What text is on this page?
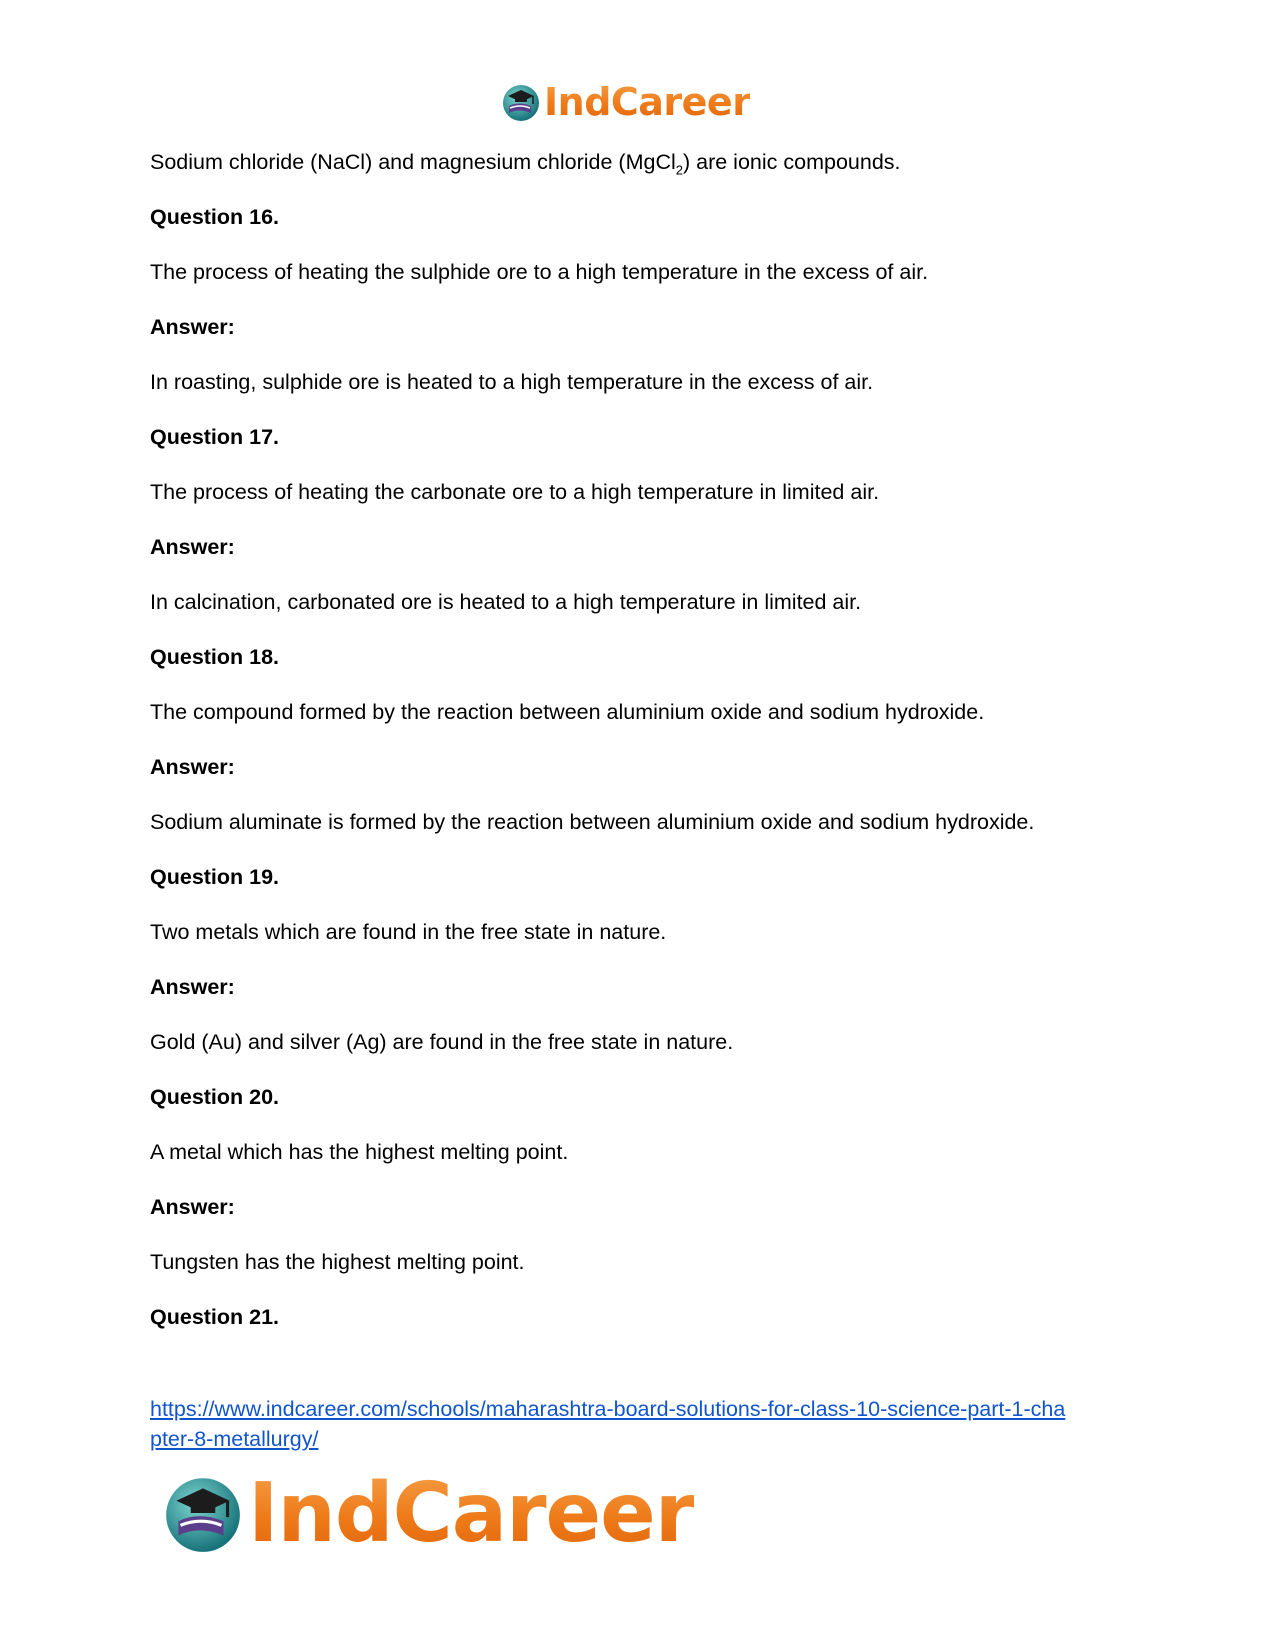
IndCareer
Sodium chloride (NaCl) and magnesium chloride (MgCl$_2$) are ionic compounds.
Question 16.
The process of heating the sulphide ore to a high temperature in the excess of air.
Answer:
In roasting, sulphide ore is heated to a high temperature in the excess of air.
Question 17.
The process of heating the carbonate ore to a high temperature in limited air.
Answer:
In calcination, carbonated ore is heated to a high temperature in limited air.
Question 18.
The compound formed by the reaction between aluminium oxide and sodium hydroxide.
Answer:
Sodium aluminate is formed by the reaction between aluminium oxide and sodium hydroxide.
Question 19.
Two metals which are found in the free state in nature.
Answer:
Gold (Au) and silver (Ag) are found in the free state in nature.
Question 20.
A metal which has the highest melting point.
Answer:
Tungsten has the highest melting point.
Question 21.
https://www.indcareer.com/schools/maharashtra-board-solutions-for-class-10-science-part-1-cha
pter-8-metallurgy/
IndCareer
